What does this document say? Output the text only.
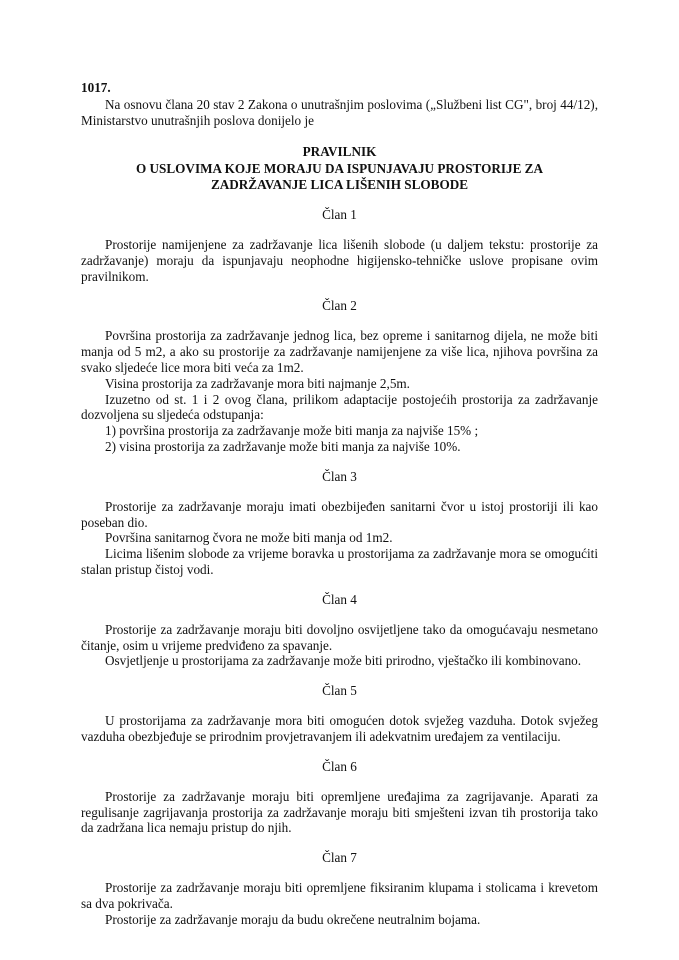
1017.

Na osnovu člana 20 stav 2 Zakona o unutrašnjim poslovima („Službeni list CG", broj 44/12), Ministarstvo unutrašnjih poslova donijelo je

PRAVILNIK
O USLOVIMA KOJE MORAJU DA ISPUNJAVAJU PROSTORIJE ZA
ZADRŽAVANJE LICA LIŠENIH SLOBODE

Član 1

Prostorije namijenjene za zadržavanje lica lišenih slobode (u daljem tekstu: prostorije za zadržavanje) moraju da ispunjavaju neophodne higijensko-tehničke uslove propisane ovim pravilnikom.

Član 2

Površina prostorija za zadržavanje jednog lica, bez opreme i sanitarnog dijela, ne može biti manja od 5 m2, a ako su prostorije za zadržavanje namijenjene za više lica, njihova površina za svako sljedeće lice mora biti veća za 1m2.

Visina prostorija za zadržavanje mora biti najmanje 2,5m.

Izuzetno od st. 1 i 2 ovog člana, prilikom adaptacije postojećih prostorija za zadržavanje dozvoljena su sljedeća odstupanja:

1) površina prostorija za zadržavanje može biti manja za najviše 15% ;

2) visina prostorija za zadržavanje može biti manja za najviše 10%.

Član 3

Prostorije za zadržavanje moraju imati obezbijeđen sanitarni čvor u istoj prostoriji ili kao poseban dio.

Površina sanitarnog čvora ne može biti manja od 1m2.

Licima lišenim slobode za vrijeme boravka u prostorijama za zadržavanje mora se omogućiti stalan pristup čistoj vodi.

Član 4

Prostorije za zadržavanje moraju biti dovoljno osvijetljene tako da omogućavaju nesmetano čitanje, osim u vrijeme predviđeno za spavanje.

Osvjetljenje u prostorijama za zadržavanje može biti prirodno, vještačko ili kombinovano.

Član 5

U prostorijama za zadržavanje mora biti omogućen dotok svježeg vazduha. Dotok svježeg vazduha obezbjeđuje se prirodnim provjetravanjem ili adekvatnim uređajem za ventilaciju.

Član 6

Prostorije za zadržavanje moraju biti opremljene uređajima za zagrijavanje. Aparati za regulisanje zagrijavanja prostorija za zadržavanje moraju biti smješteni izvan tih prostorija tako da zadržana lica nemaju pristup do njih.

Član 7

Prostorije za zadržavanje moraju biti opremljene fiksiranim klupama i stolicama i krevetom sa dva pokrivača.

Prostorije za zadržavanje moraju da budu okrečene neutralnim bojama.
